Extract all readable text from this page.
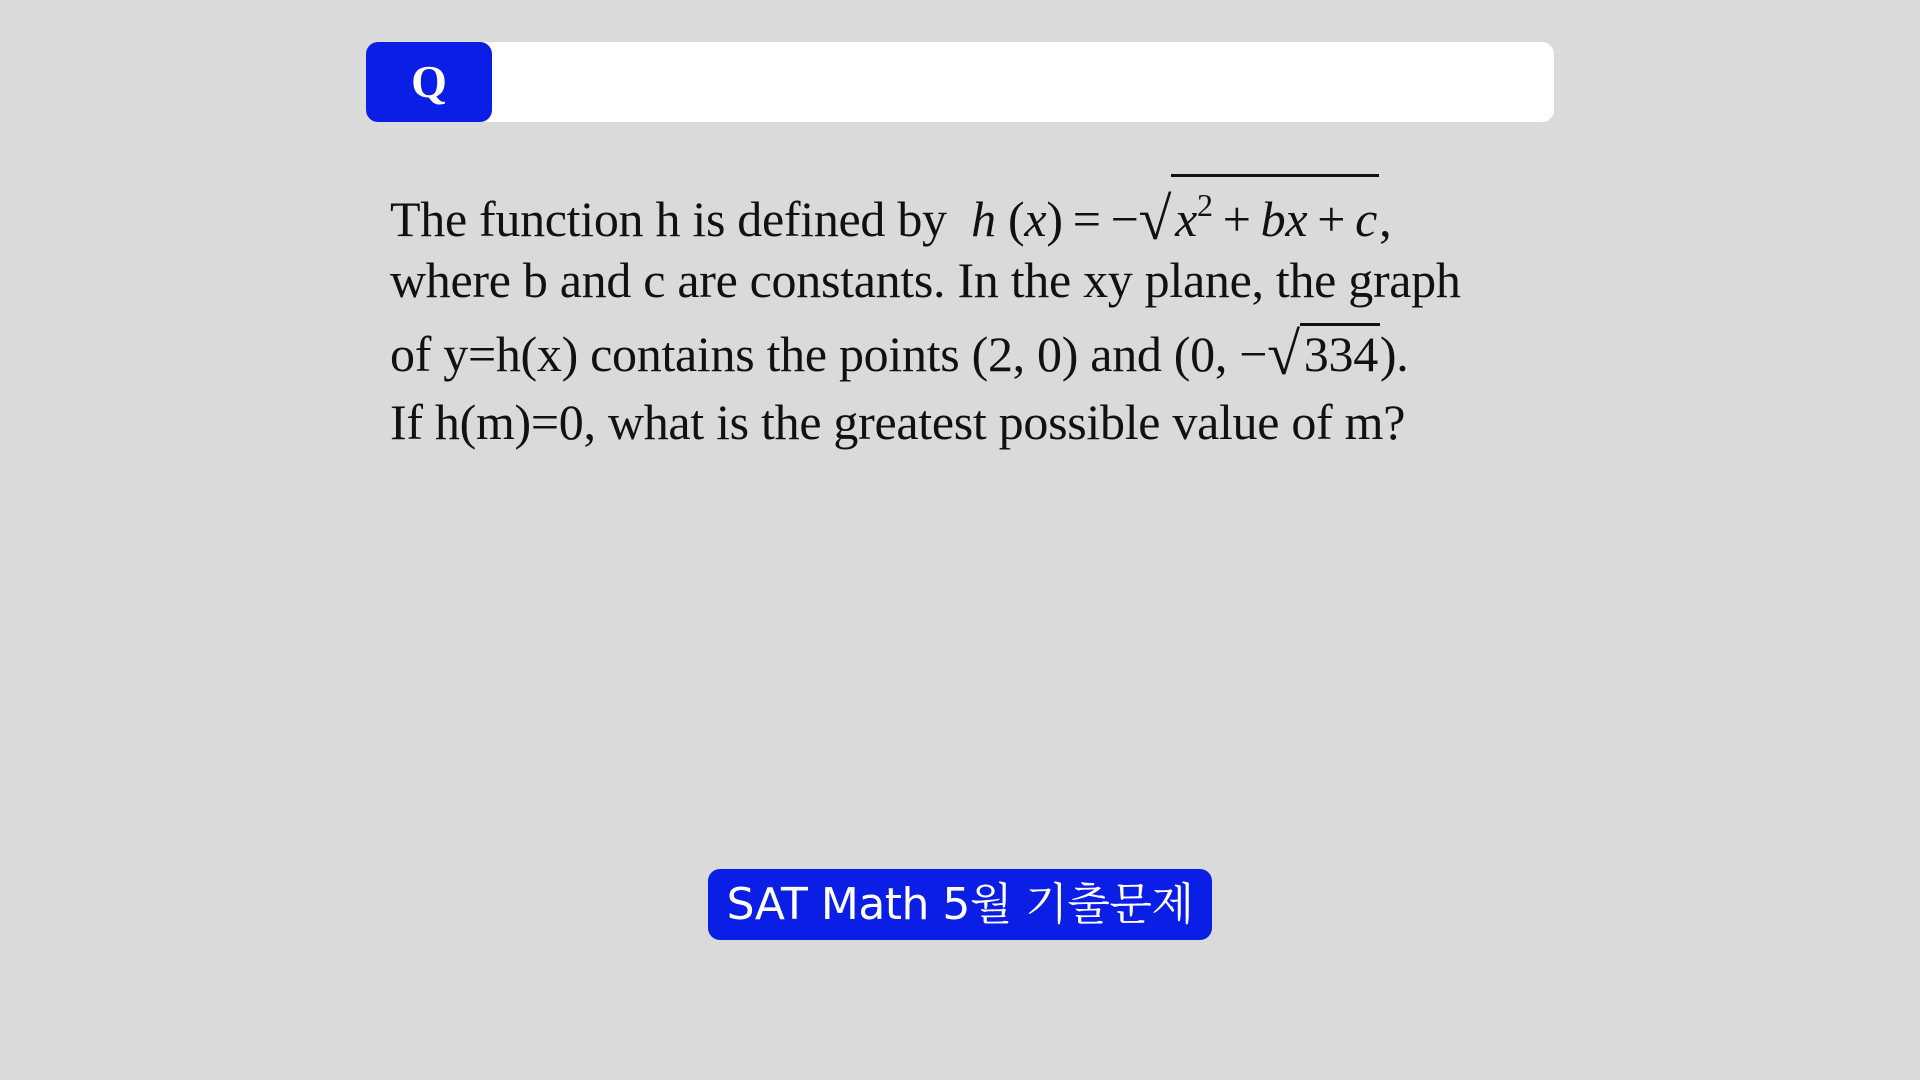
Q
The function h is defined by h $(x) = -√x^2$ + bx + c,
where b and c are constants. In the xy plane, the graph
of y=h(x) contains the points (2, 0) and (0, −√334).
If h(m)=0, what is the greatest possible value of m?
SAT Math 5월 기출문제
